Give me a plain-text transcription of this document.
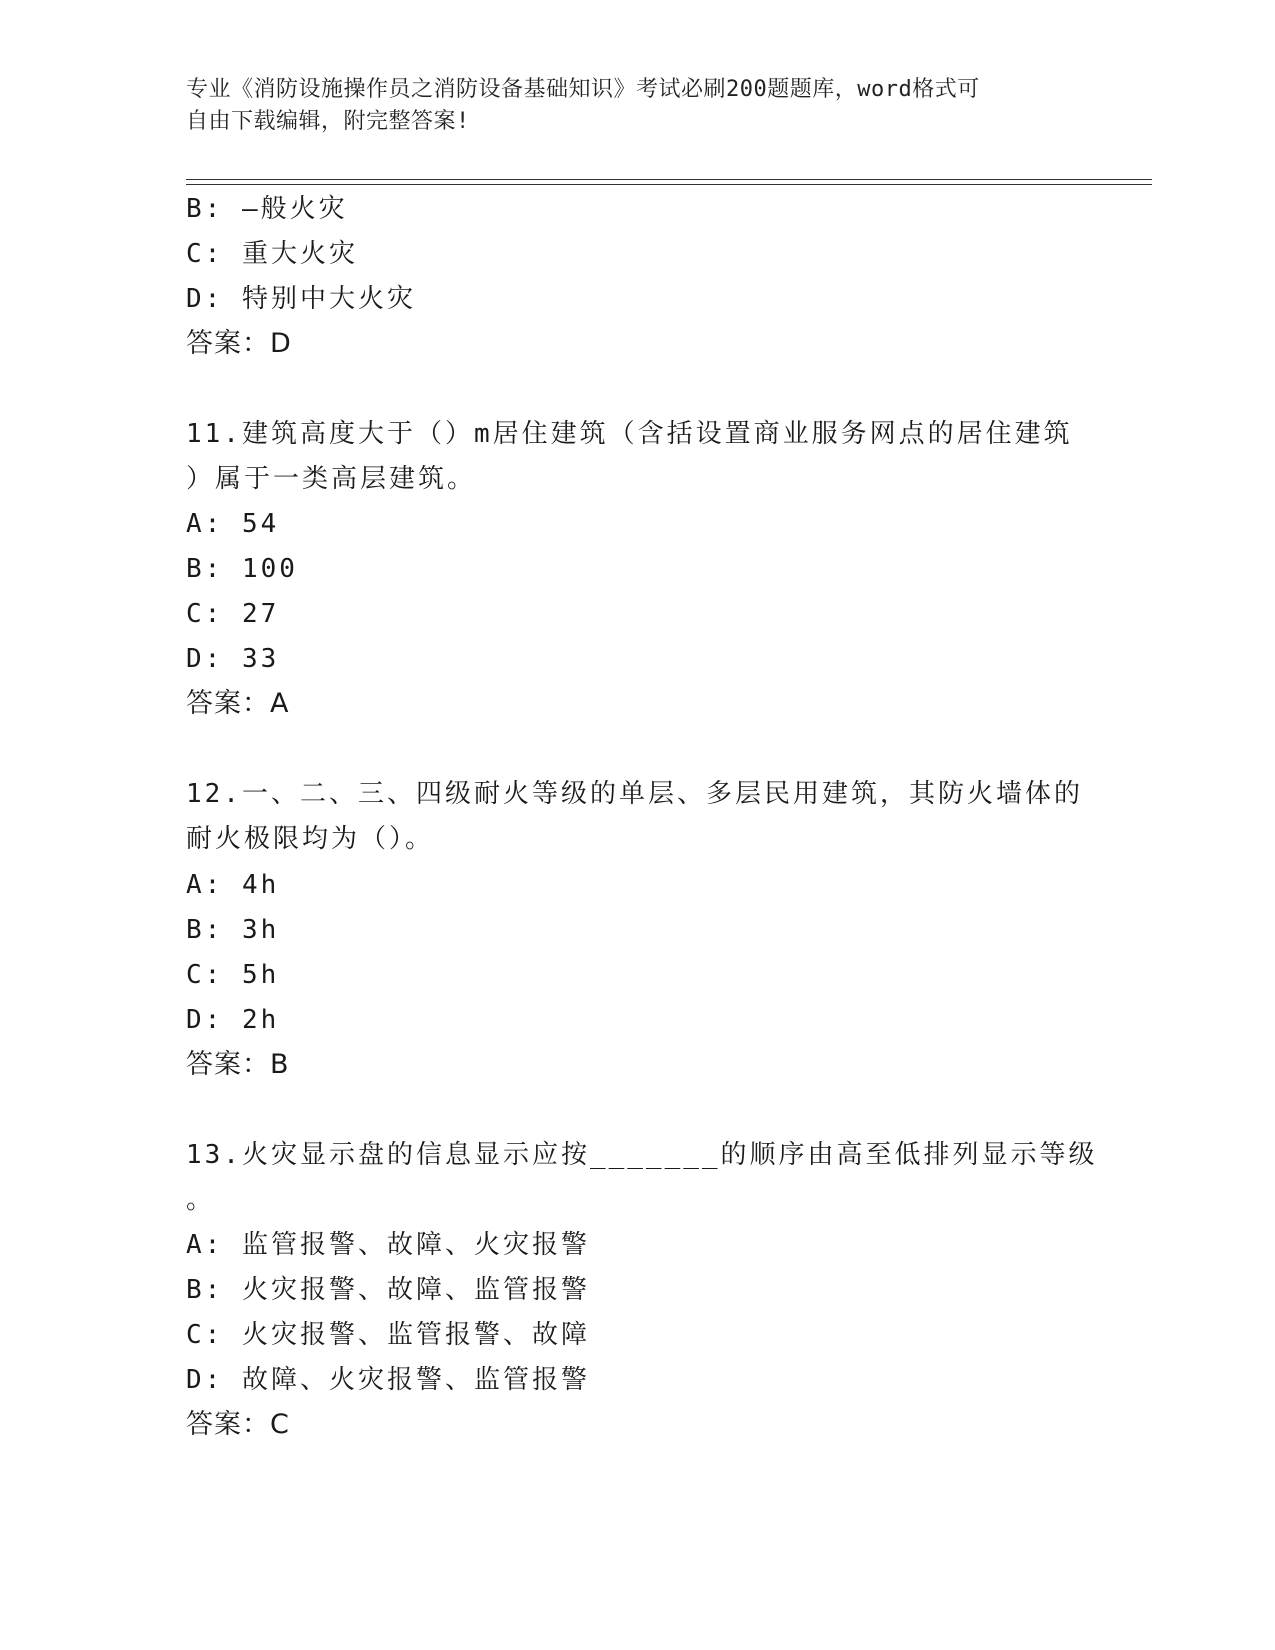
专业《消防设施操作员之消防设备基础知识》考试必刷200题题库，word格式可
自由下载编辑，附完整答案!
B: —般火灾
C: 重大火灾
D: 特别中大火灾
答案：D
11.建筑高度大于（）m居住建筑（含括设置商业服务网点的居住建筑
）属于一类高层建筑。
A: 54
B: 100
C: 27
D: 33
答案：A
12.一、二、三、四级耐火等级的单层、多层民用建筑，其防火墙体的
耐火极限均为（）。
A: 4h
B: 3h
C: 5h
D: 2h
答案：B
13.火灾显示盘的信息显示应按_______的顺序由高至低排列显示等级
。
A: 监管报警、故障、火灾报警
B: 火灾报警、故障、监管报警
C: 火灾报警、监管报警、故障
D: 故障、火灾报警、监管报警
答案：C
